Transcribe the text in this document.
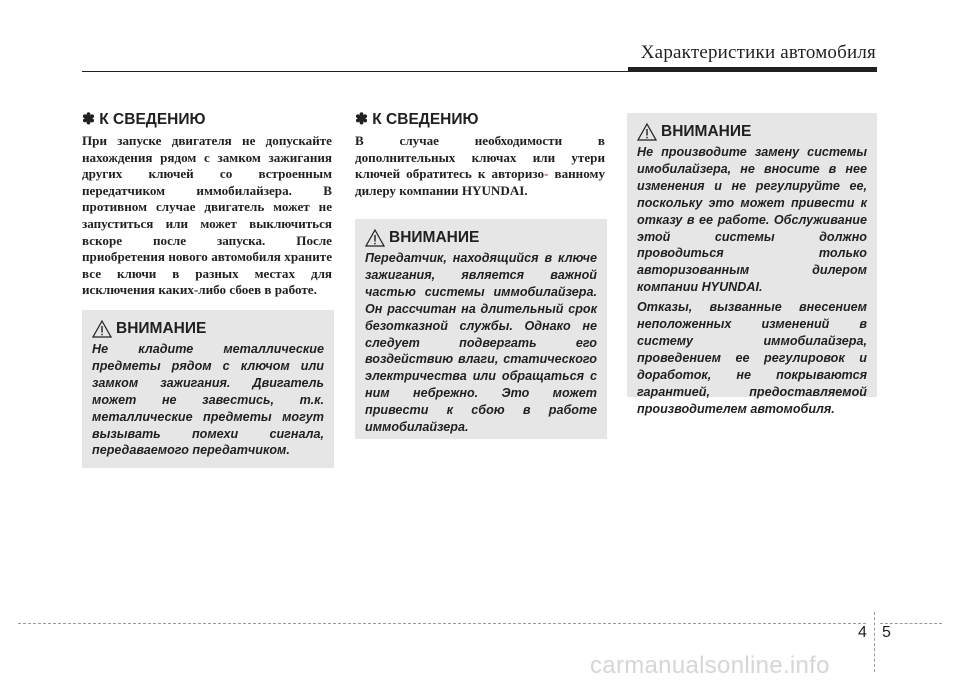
Характеристики автомобиля
✽ К СВЕДЕНИЮ

При запуске двигателя не допускайте нахождения рядом с замком зажигания других ключей со встроенным передатчиком иммобилайзера. В противном случае двигатель может не запуститься или может выключиться вскоре после запуска. После приобретения нового автомобиля храните все ключи в разных местах для исключения каких-либо сбоев в работе.

ВНИМАНИЕ

Не кладите металлические предметы рядом с ключом или замком зажигания. Двигатель может не завестись, т.к. металлические предметы могут вызывать помехи сигнала, передаваемого передатчиком.

✽ К СВЕДЕНИЮ

В случае необходимости в дополнительных ключах или утери ключей обратитесь к авторизо- ванному дилеру компании HYUNDAI.

ВНИМАНИЕ

Передатчик, находящийся в ключе зажигания, является важной частью системы иммобилайзера. Он рассчитан на длительный срок безотказной службы. Однако не следует подвергать его воздействию влаги, статического электричества или обращаться с ним небрежно. Это может привести к сбою в работе иммобилайзера.

ВНИМАНИЕ

Не производите замену системы имобилайзера, не вносите в нее изменения и не регулируйте ее, поскольку это может привести к отказу в ее работе. Обслуживание этой системы должно проводиться только авторизованным дилером компании HYUNDAI.

Отказы, вызванные внесением неположенных изменений в систему иммобилайзера, проведением ее регулировок и доработок, не покрываются гарантией, предоставляемой производителем автомобиля.

4 5
carmanualsonline.info
